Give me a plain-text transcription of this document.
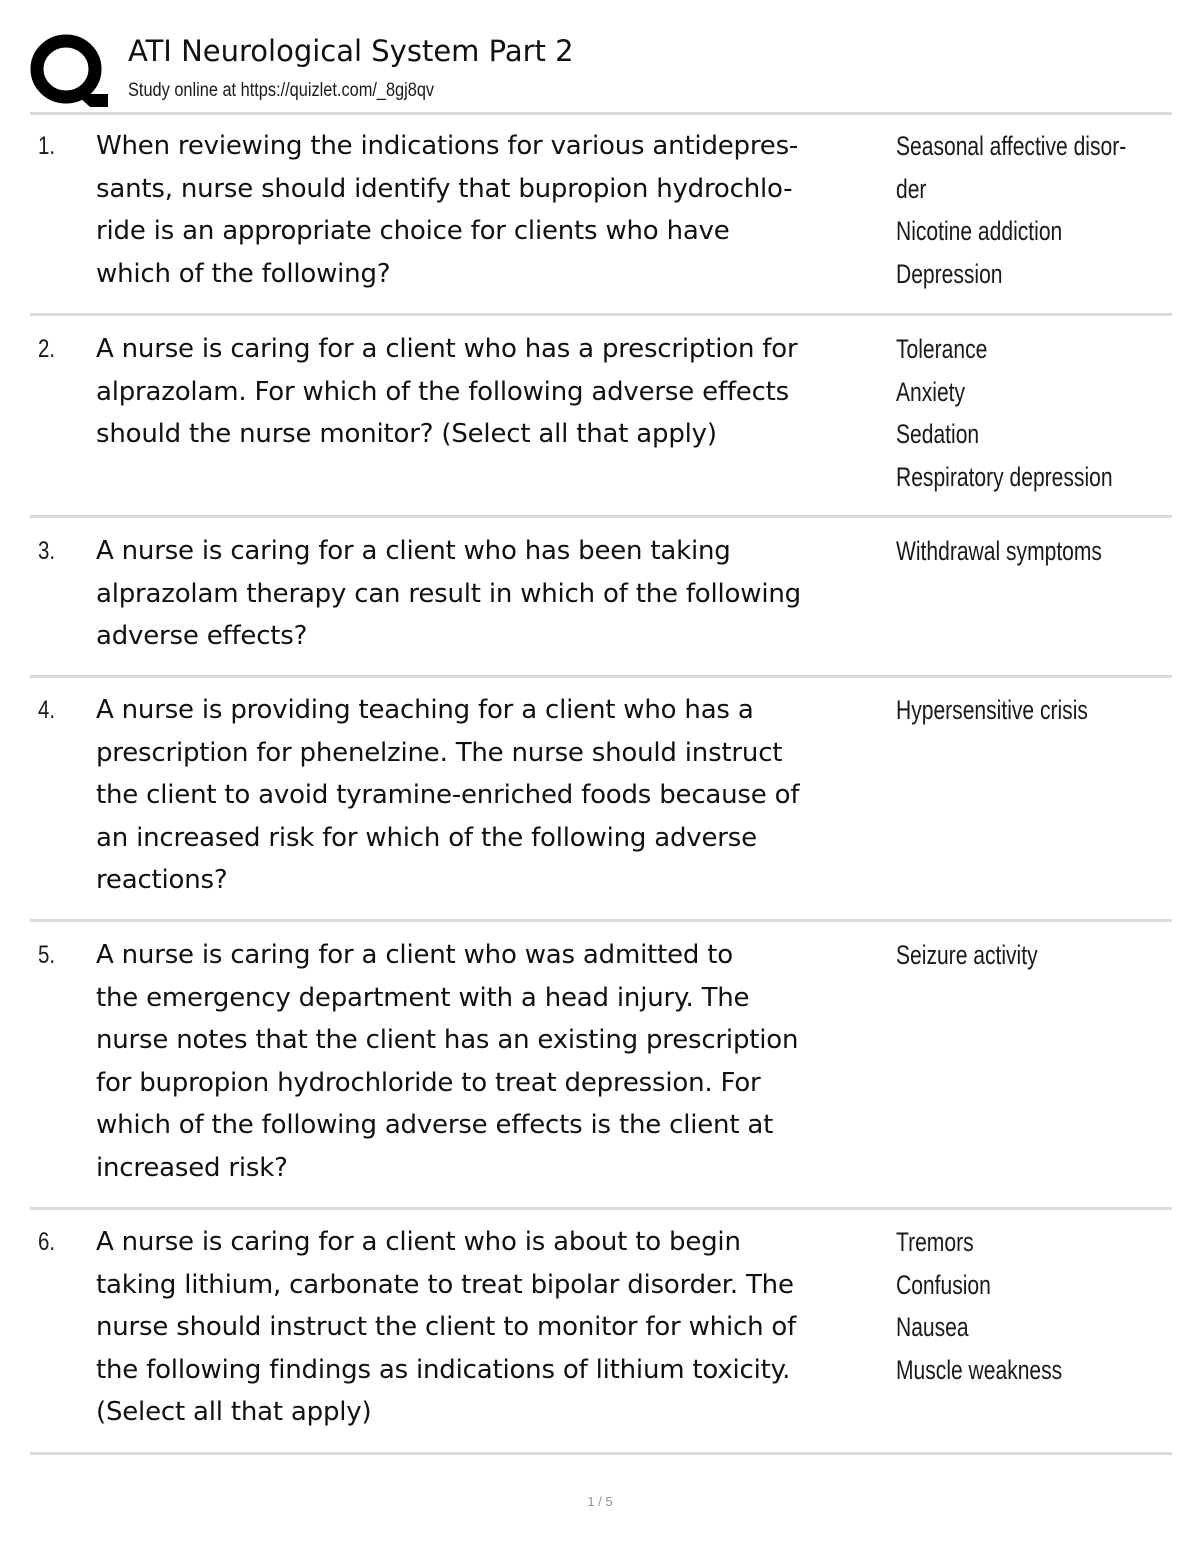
ATI Neurological System Part 2
Study online at https://quizlet.com/_8gj8qv
1. When reviewing the indications for various antidepres-
sants, nurse should identify that bupropion hydrochlo-
ride is an appropriate choice for clients who have
which of the following?
Seasonal affective disor-
der
Nicotine addiction
Depression
2. A nurse is caring for a client who has a prescription for
alprazolam. For which of the following adverse effects
should the nurse monitor? (Select all that apply)
Tolerance
Anxiety
Sedation
Respiratory depression
3. A nurse is caring for a client who has been taking
alprazolam therapy can result in which of the following
adverse effects?
Withdrawal symptoms
4. A nurse is providing teaching for a client who has a
prescription for phenelzine. The nurse should instruct
the client to avoid tyramine-enriched foods because of
an increased risk for which of the following adverse
reactions?
Hypersensitive crisis
5. A nurse is caring for a client who was admitted to
the emergency department with a head injury. The
nurse notes that the client has an existing prescription
for bupropion hydrochloride to treat depression. For
which of the following adverse effects is the client at
increased risk?
Seizure activity
6. A nurse is caring for a client who is about to begin
taking lithium, carbonate to treat bipolar disorder. The
nurse should instruct the client to monitor for which of
the following findings as indications of lithium toxicity.
(Select all that apply)
Tremors
Confusion
Nausea
Muscle weakness
1 / 5
